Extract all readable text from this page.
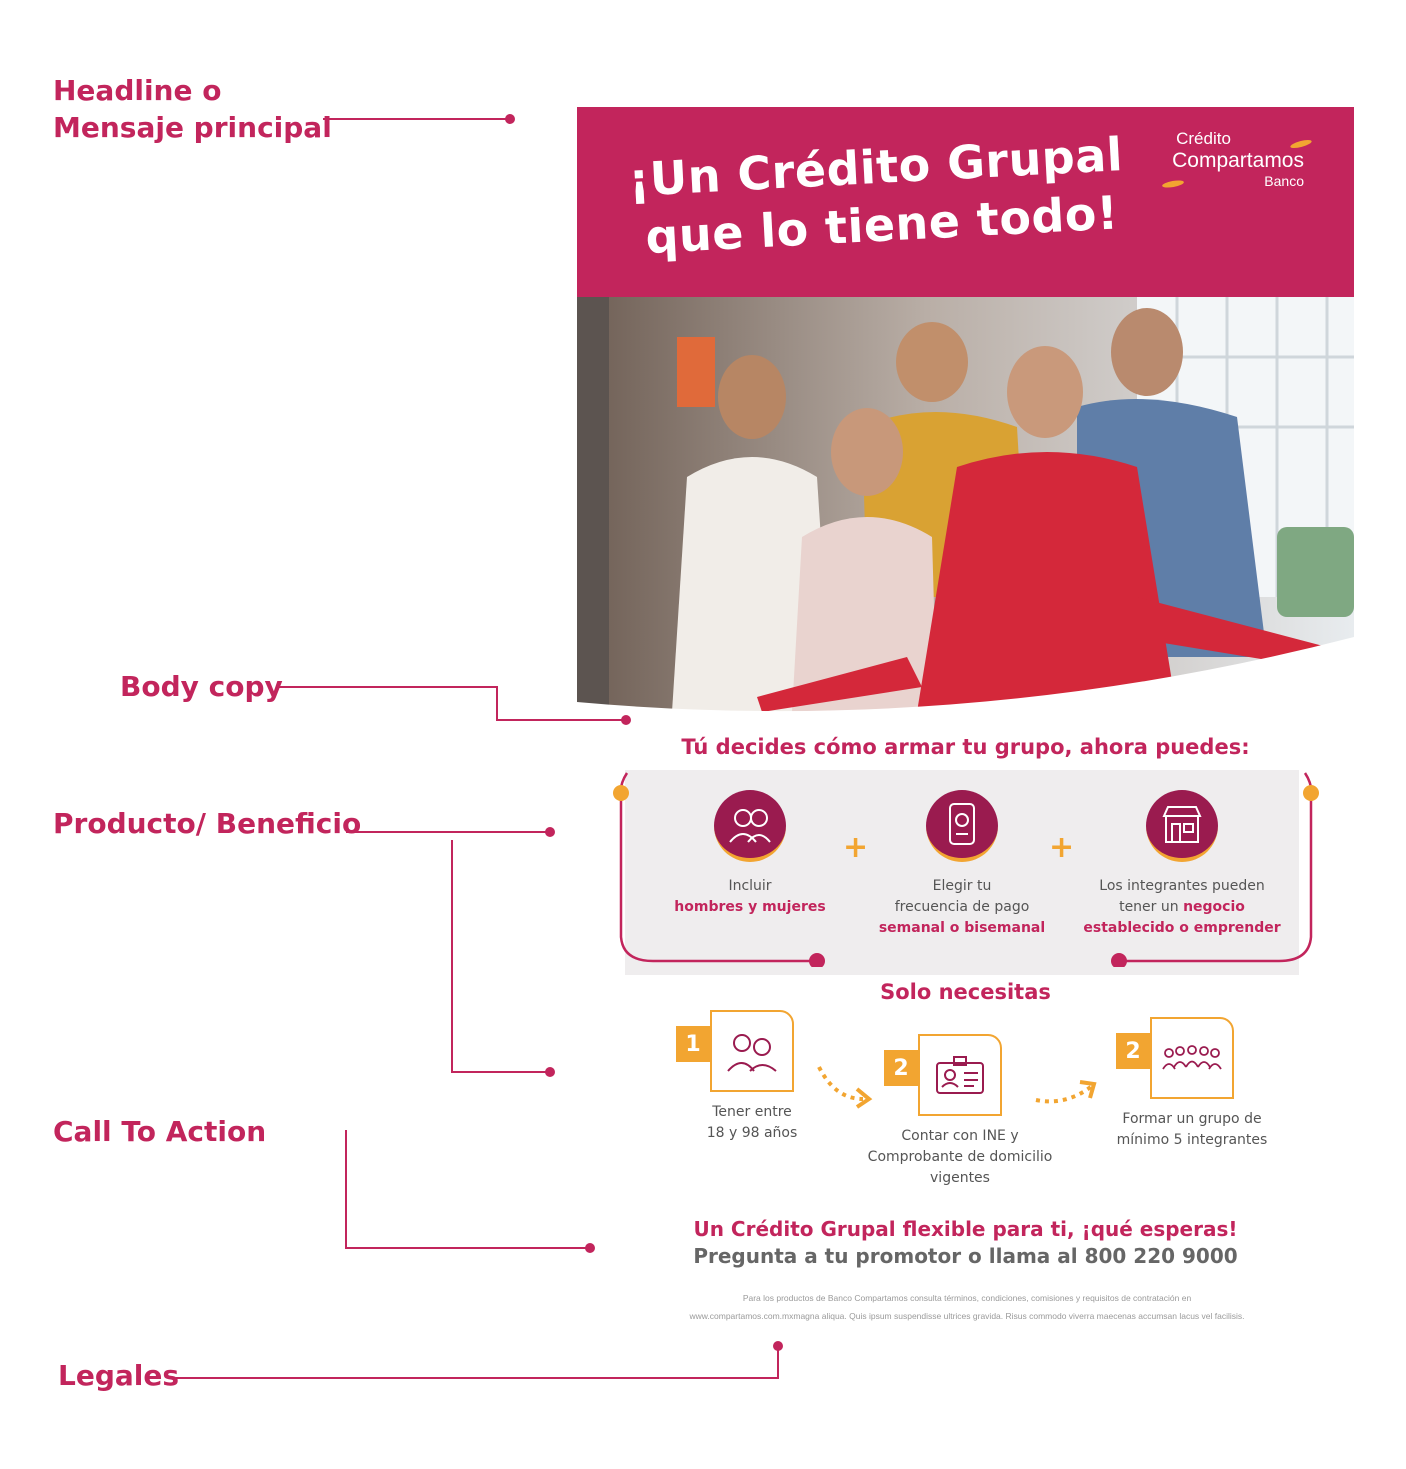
Headline o
Mensaje principal
Body copy
Producto/ Beneficio
Call To Action
Legales
¡Un Crédito Grupal
que lo tiene todo!
Crédito
Compartamos
Banco
Tú decides cómo armar tu grupo, ahora puedes:
Incluir
hombres y mujeres
+
Elegir tu
frecuencia de pago
semanal o bisemanal
+
Los integrantes pueden
tener un negocio
establecido o emprender
Solo necesitas
1
Tener entre
18 y 98 años
2
Contar con INE y
Comprobante de domicilio
vigentes
2
Formar un grupo de
mínimo 5 integrantes
Un Crédito Grupal flexible para ti, ¡qué esperas!
Pregunta a tu promotor o llama al 800 220 9000
Para los productos de Banco Compartamos consulta términos, condiciones, comisiones y requisitos de contratación en
www.compartamos.com.mxmagna aliqua. Quis ipsum suspendisse ultrices gravida. Risus commodo viverra maecenas accumsan lacus vel facilisis.
